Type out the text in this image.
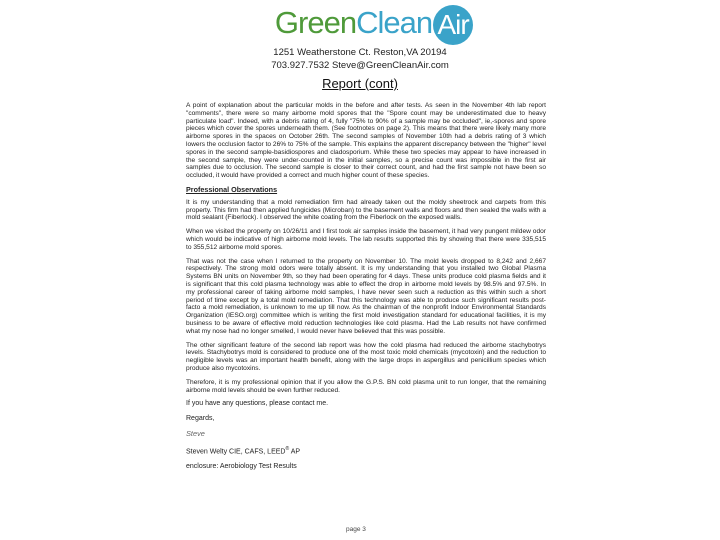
GreenClean Air
1251 Weatherstone Ct. Reston,VA 20194
703.927.7532 Steve@GreenCleanAir.com
Report (cont)

A point of explanation about the particular molds in the before and after tests. As seen in the November 4th lab report "comments", there were so many airborne mold spores that the "Spore count may be underestimated due to heavy particulate load". Indeed, with a debris rating of 4, fully "75% to 90% of a sample may be occluded", ie,-spores and spore pieces which cover the spores underneath them. (See footnotes on page 2). This means that there were likely many more airborne spores in the spaces on October 26th. The second samples of November 10th had a debris rating of 3 which lowers the occlusion factor to 26% to 75% of the sample. This explains the apparent discrepancy between the "higher" level spores in the second sample-basidiospores and cladosporium. While these two species may appear to have increased in the second sample, they were under-counted in the initial samples, so a precise count was impossible in the first air samples due to occlusion. The second sample is closer to their correct count, and had the first sample not have been so occluded, it would have provided a correct and much higher count of these species.

Professional Observations

It is my understanding that a mold remediation firm had already taken out the moldy sheetrock and carpets from this property. This firm had then applied fungicides (Microban) to the basement walls and floors and then sealed the walls with a mold sealant (Fiberlock). I observed the white coating from the Fiberlock on the exposed walls.

When we visited the property on 10/26/11 and I first took air samples inside the basement, it had very pungent mildew odor which would be indicative of high airborne mold levels. The lab results supported this by showing that there were 335,515 to 355,512 airborne mold spores.

That was not the case when I returned to the property on November 10. The mold levels dropped to 8,242 and 2,667 respectively. The strong mold odors were totally absent. It is my understanding that you installed two Global Plasma Systems BN units on November 9th, so they had been operating for 4 days. These units produce cold plasma fields and it is significant that this cold plasma technology was able to effect the drop in airborne mold levels by 98.5% and 97.5%. In my professional career of taking airborne mold samples, I have never seen such a reduction as this within such a short period of time except by a total mold remediation. That this technology was able to produce such significant results post-facto a mold remediation, is unknown to me up till now. As the chairman of the nonprofit Indoor Environmental Standards Organization (IESO.org) committee which is writing the first mold investigation standard for educational facilities, it is my business to be aware of effective mold reduction technologies like cold plasma. Had the Lab results not have confirmed what my nose had no longer smelled, I would never have believed that this was possible.

The other significant feature of the second lab report was how the cold plasma had reduced the airborne stachybotrys levels. Stachybotrys mold is considered to produce one of the most toxic mold chemicals (mycotoxin) and the reduction to negligible levels was an important health benefit, along with the large drops in aspergillus and penicillium species which produce also mycotoxins.

Therefore, it is my professional opinion that if you allow the G.P.S. BN cold plasma unit to run longer, that the remaining airborne mold levels should be even further reduced.

If you have any questions, please contact me.
Regards,
Steve
Steven Welty CIE, CAFS, LEED® AP
enclosure: Aerobiology Test Results
page 3
